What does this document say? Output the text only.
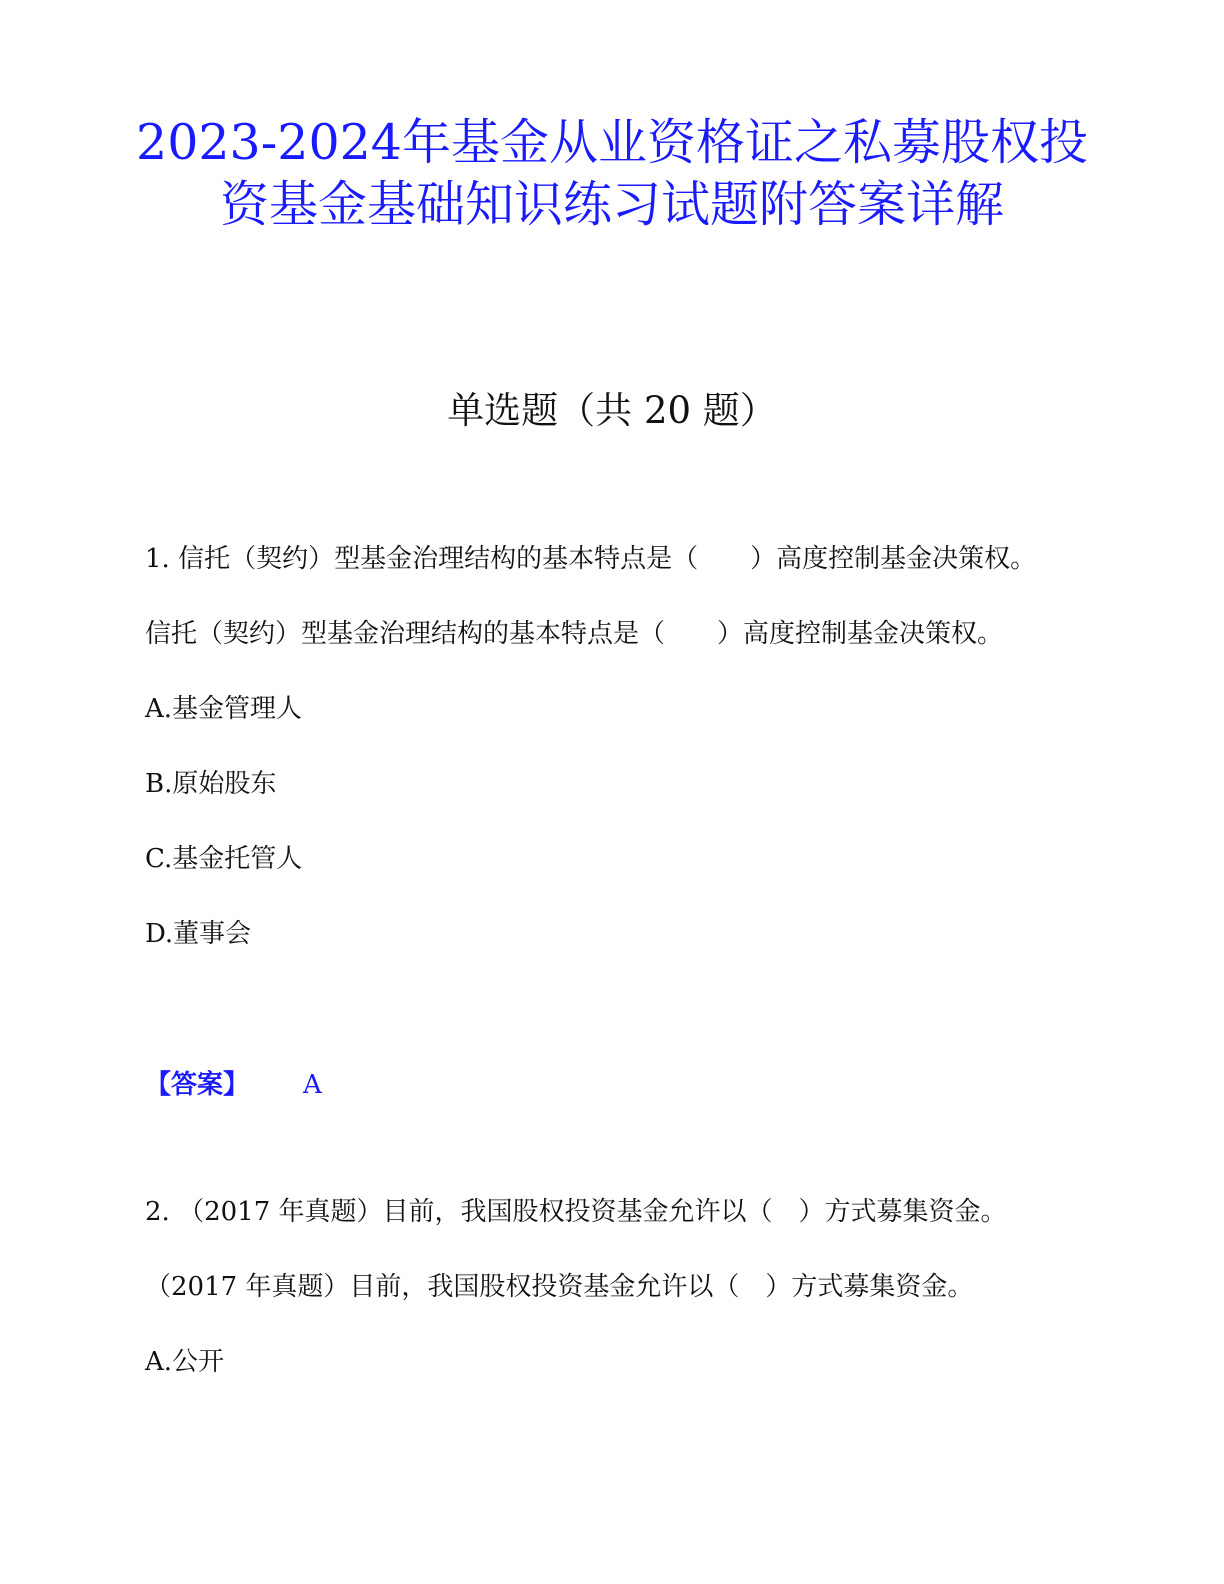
2023-2024年基金从业资格证之私募股权投资基金基础知识练习试题附答案详解
单选题（共 20 题）

1. 信托（契约）型基金治理结构的基本特点是（　　）高度控制基金决策权。

信托（契约）型基金治理结构的基本特点是（　　）高度控制基金决策权。

A.基金管理人

B.原始股东

C.基金托管人

D.董事会

【答案】 A

2. （2017 年真题）目前，我国股权投资基金允许以（　）方式募集资金。

（2017 年真题）目前，我国股权投资基金允许以（　）方式募集资金。

A.公开
